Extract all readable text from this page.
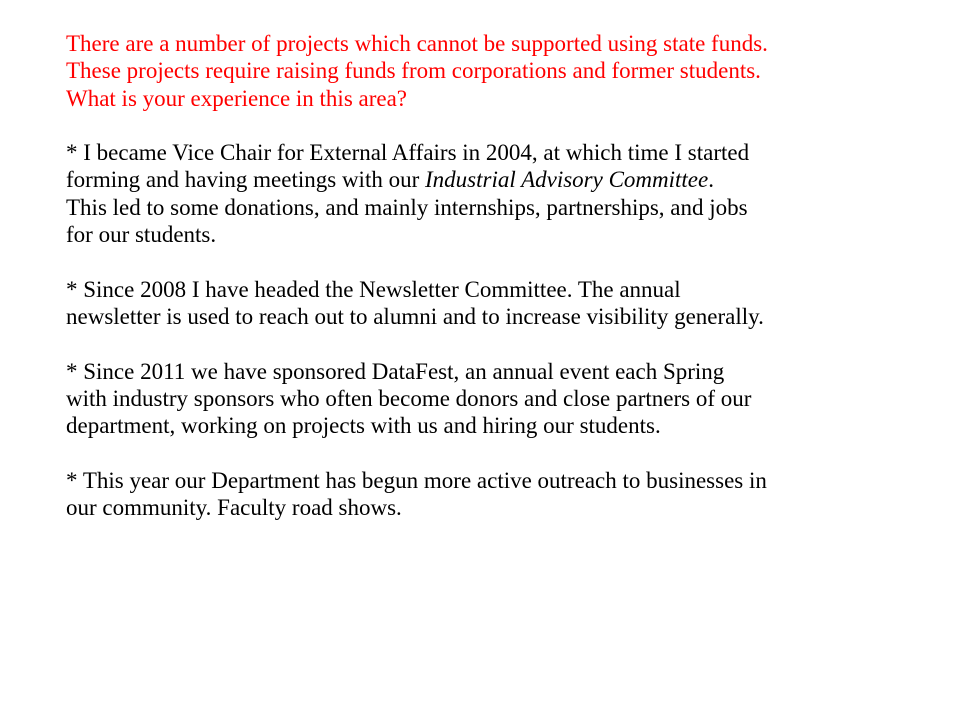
There are a number of projects which cannot be supported using state funds.
These projects require raising funds from corporations and former students.
What is your experience in this area?

* I became Vice Chair for External Affairs in 2004, at which time I started
forming and having meetings with our Industrial Advisory Committee.
This led to some donations, and mainly internships, partnerships, and jobs
for our students.

* Since 2008 I have headed the Newsletter Committee. The annual
newsletter is used to reach out to alumni and to increase visibility generally.

* Since 2011 we have sponsored DataFest, an annual event each Spring
with industry sponsors who often become donors and close partners of our
department, working on projects with us and hiring our students.

* This year our Department has begun more active outreach to businesses in
our community. Faculty road shows.
